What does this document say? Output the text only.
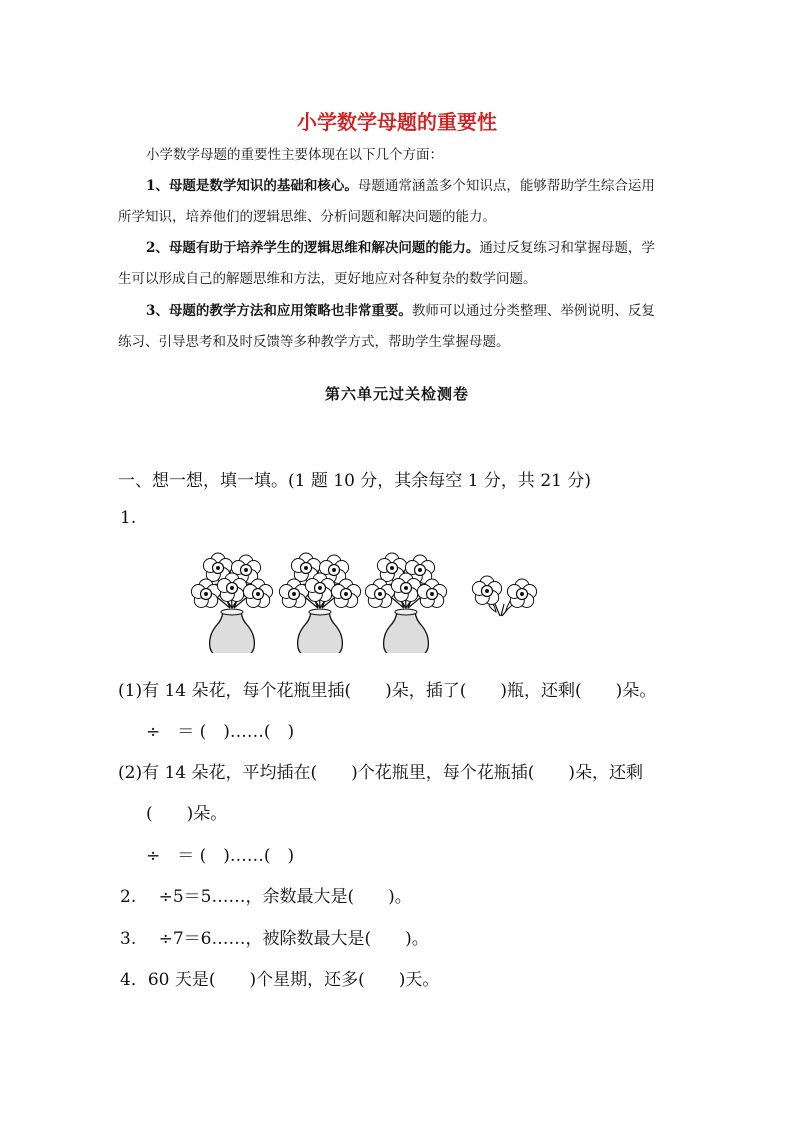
小学数学母题的重要性
小学数学母题的重要性主要体现在以下几个方面：
1、母题是数学知识的基础和核心。母题通常涵盖多个知识点，能够帮助学生综合运用
所学知识，培养他们的逻辑思维、分析问题和解决问题的能力。
2、母题有助于培养学生的逻辑思维和解决问题的能力。通过反复练习和掌握母题，学
生可以形成自己的解题思维和方法，更好地应对各种复杂的数学问题。
3、母题的教学方法和应用策略也非常重要。教师可以通过分类整理、举例说明、反复
练习、引导思考和及时反馈等多种教学方式，帮助学生掌握母题。
第六单元过关检测卷
一、想一想，填一填。(1 题 10 分，其余每空 1 分，共 21 分)
1.
(1)有 14 朵花，每个花瓶里插(　　)朵，插了(　　)瓶，还剩(　　)朵。
÷　＝ (　)……(　)
(2)有 14 朵花，平均插在(　　)个花瓶里，每个花瓶插(　　)朵，还剩
(　　)朵。
÷　＝ (　)……(　)
2.　 ÷5＝5……，余数最大是(　　)。
3.　 ÷7＝6……，被除数最大是(　　)。
4．60 天是(　　)个星期，还多(　　)天。
